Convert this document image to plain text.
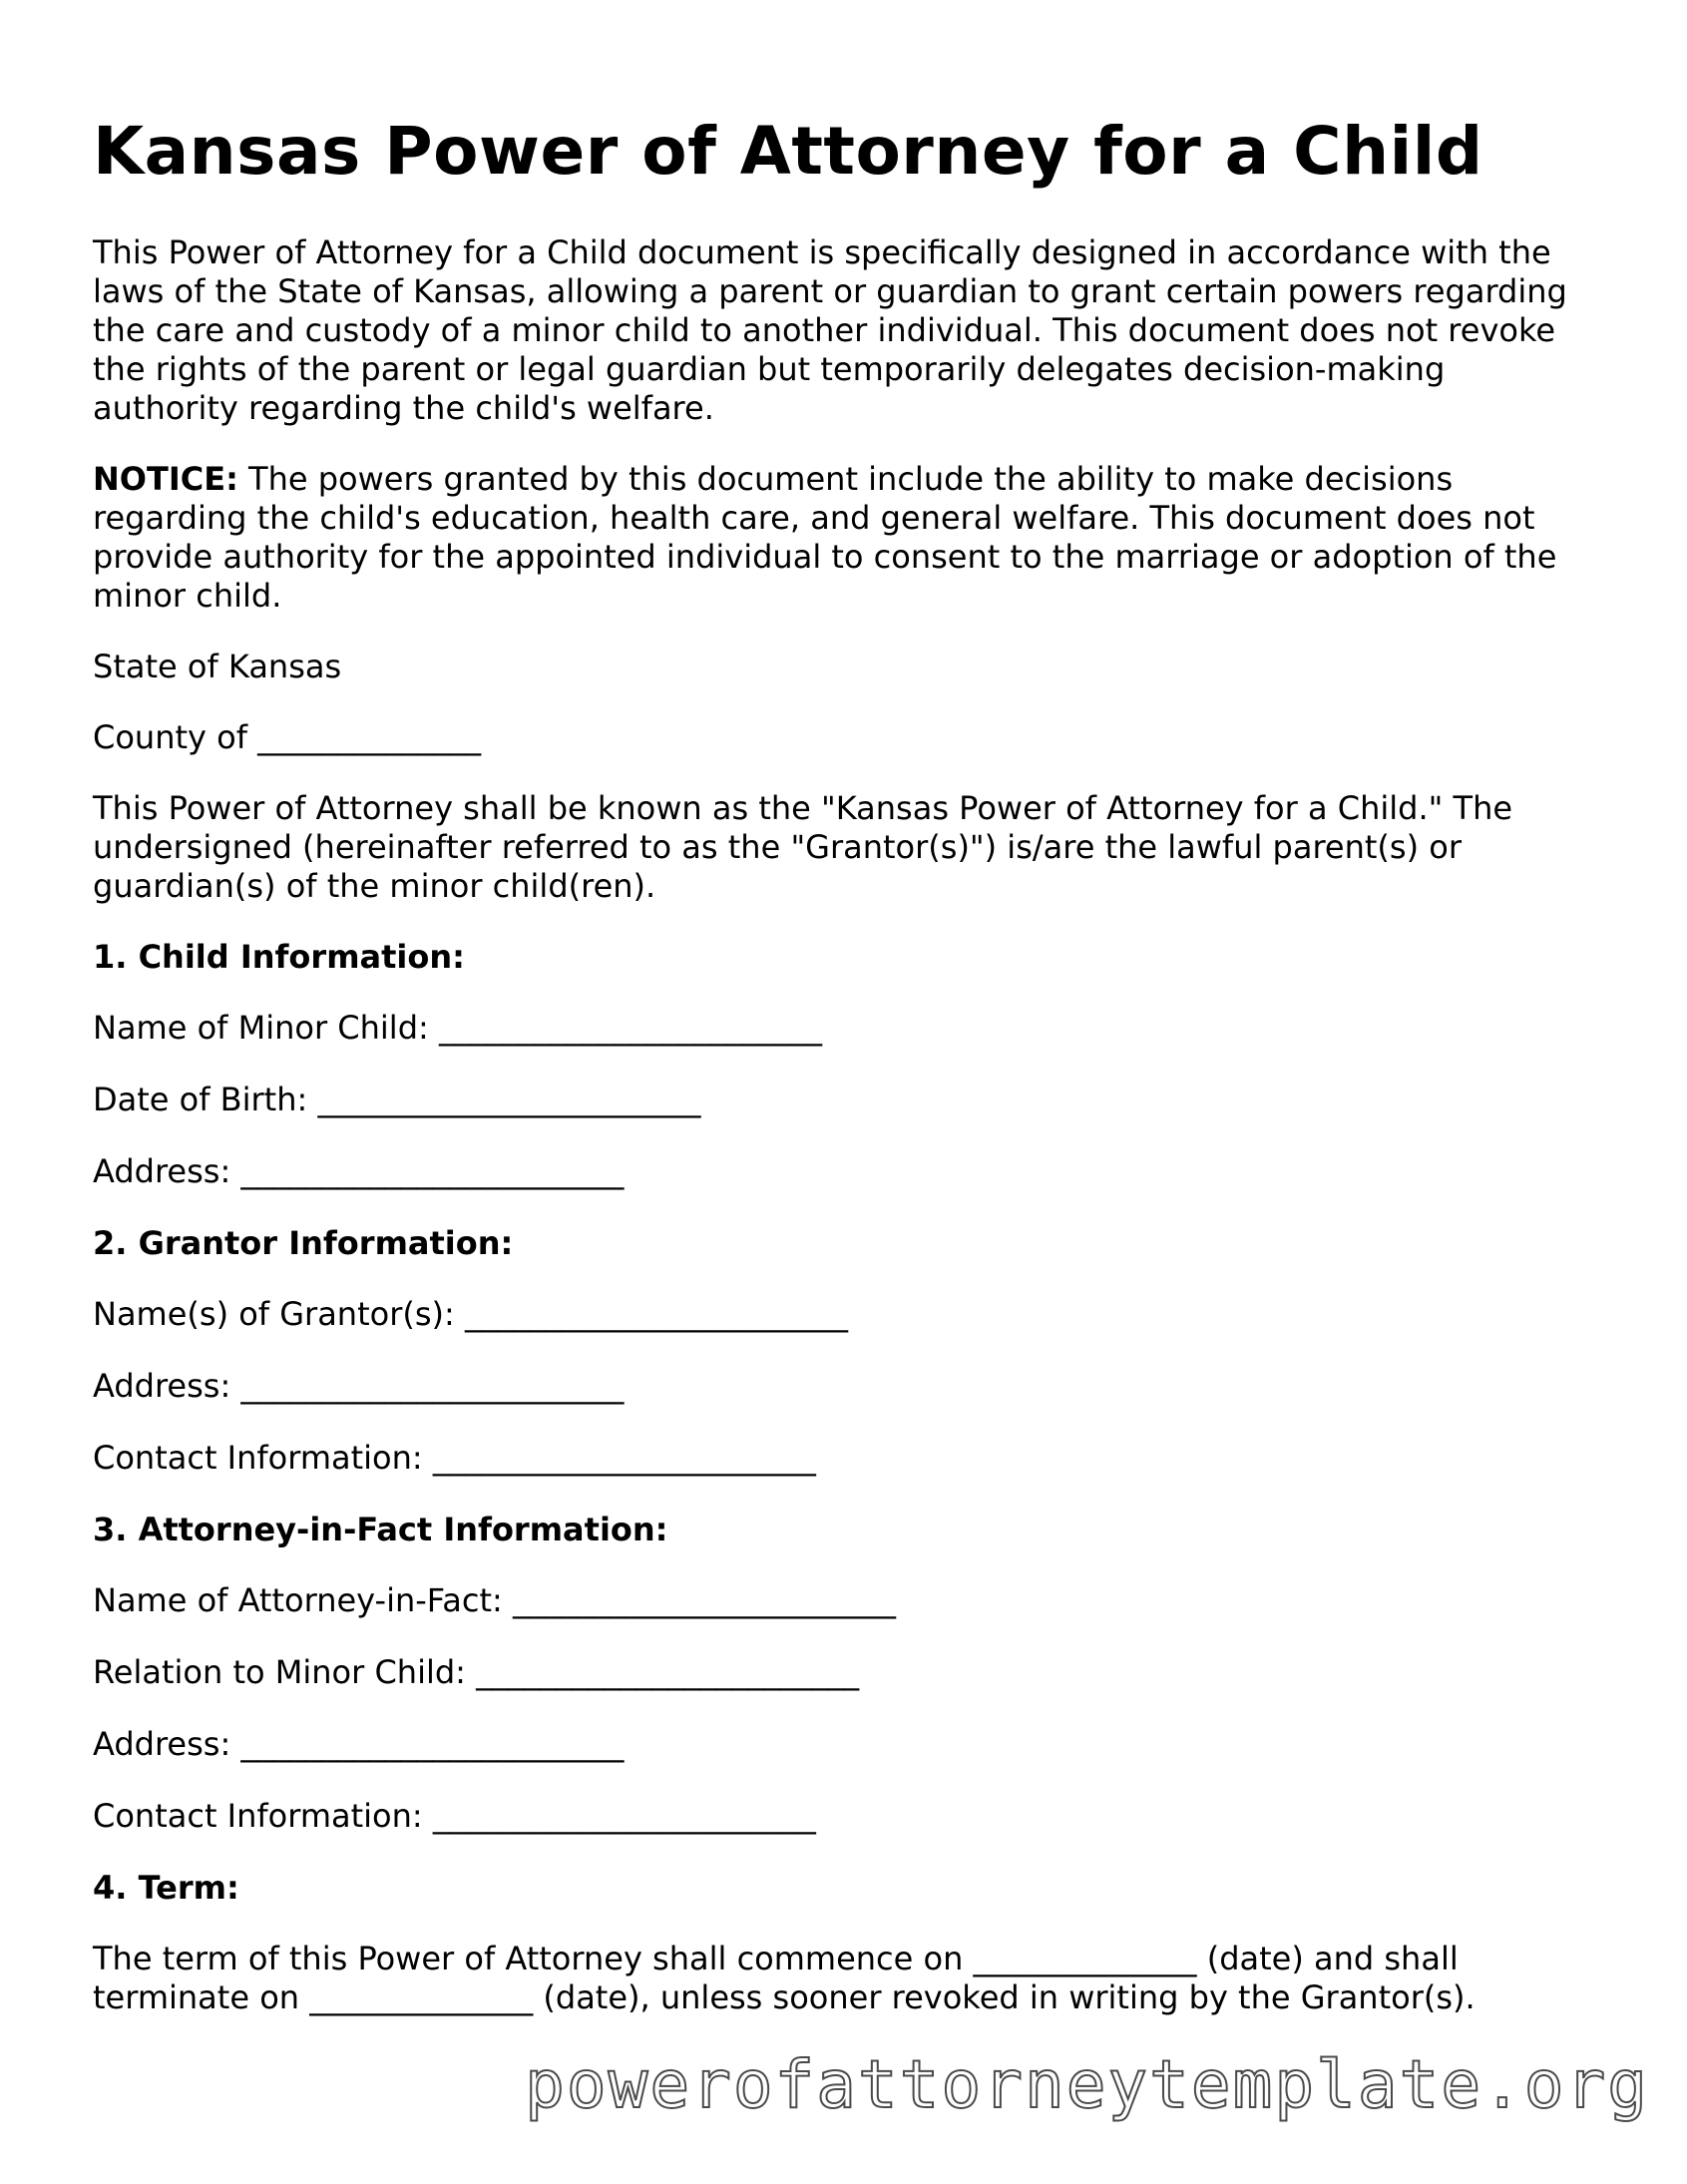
Kansas Power of Attorney for a Child

This Power of Attorney for a Child document is specifically designed in accordance with the laws of the State of Kansas, allowing a parent or guardian to grant certain powers regarding the care and custody of a minor child to another individual. This document does not revoke the rights of the parent or legal guardian but temporarily delegates decision-making authority regarding the child's welfare.

NOTICE: The powers granted by this document include the ability to make decisions regarding the child's education, health care, and general welfare. This document does not provide authority for the appointed individual to consent to the marriage or adoption of the minor child.

State of Kansas

County of ______________

This Power of Attorney shall be known as the "Kansas Power of Attorney for a Child." The undersigned (hereinafter referred to as the "Grantor(s)") is/are the lawful parent(s) or guardian(s) of the minor child(ren).

1. Child Information:
Name of Minor Child: ________________________
Date of Birth: ________________________
Address: ________________________
2. Grantor Information:
Name(s) of Grantor(s): ________________________
Address: ________________________
Contact Information: ________________________
3. Attorney-in-Fact Information:
Name of Attorney-in-Fact: ________________________
Relation to Minor Child: ________________________
Address: ________________________
Contact Information: ________________________
4. Term:

The term of this Power of Attorney shall commence on ______________ (date) and shall terminate on ______________ (date), unless sooner revoked in writing by the Grantor(s).

powerofattorneytemplate.org
